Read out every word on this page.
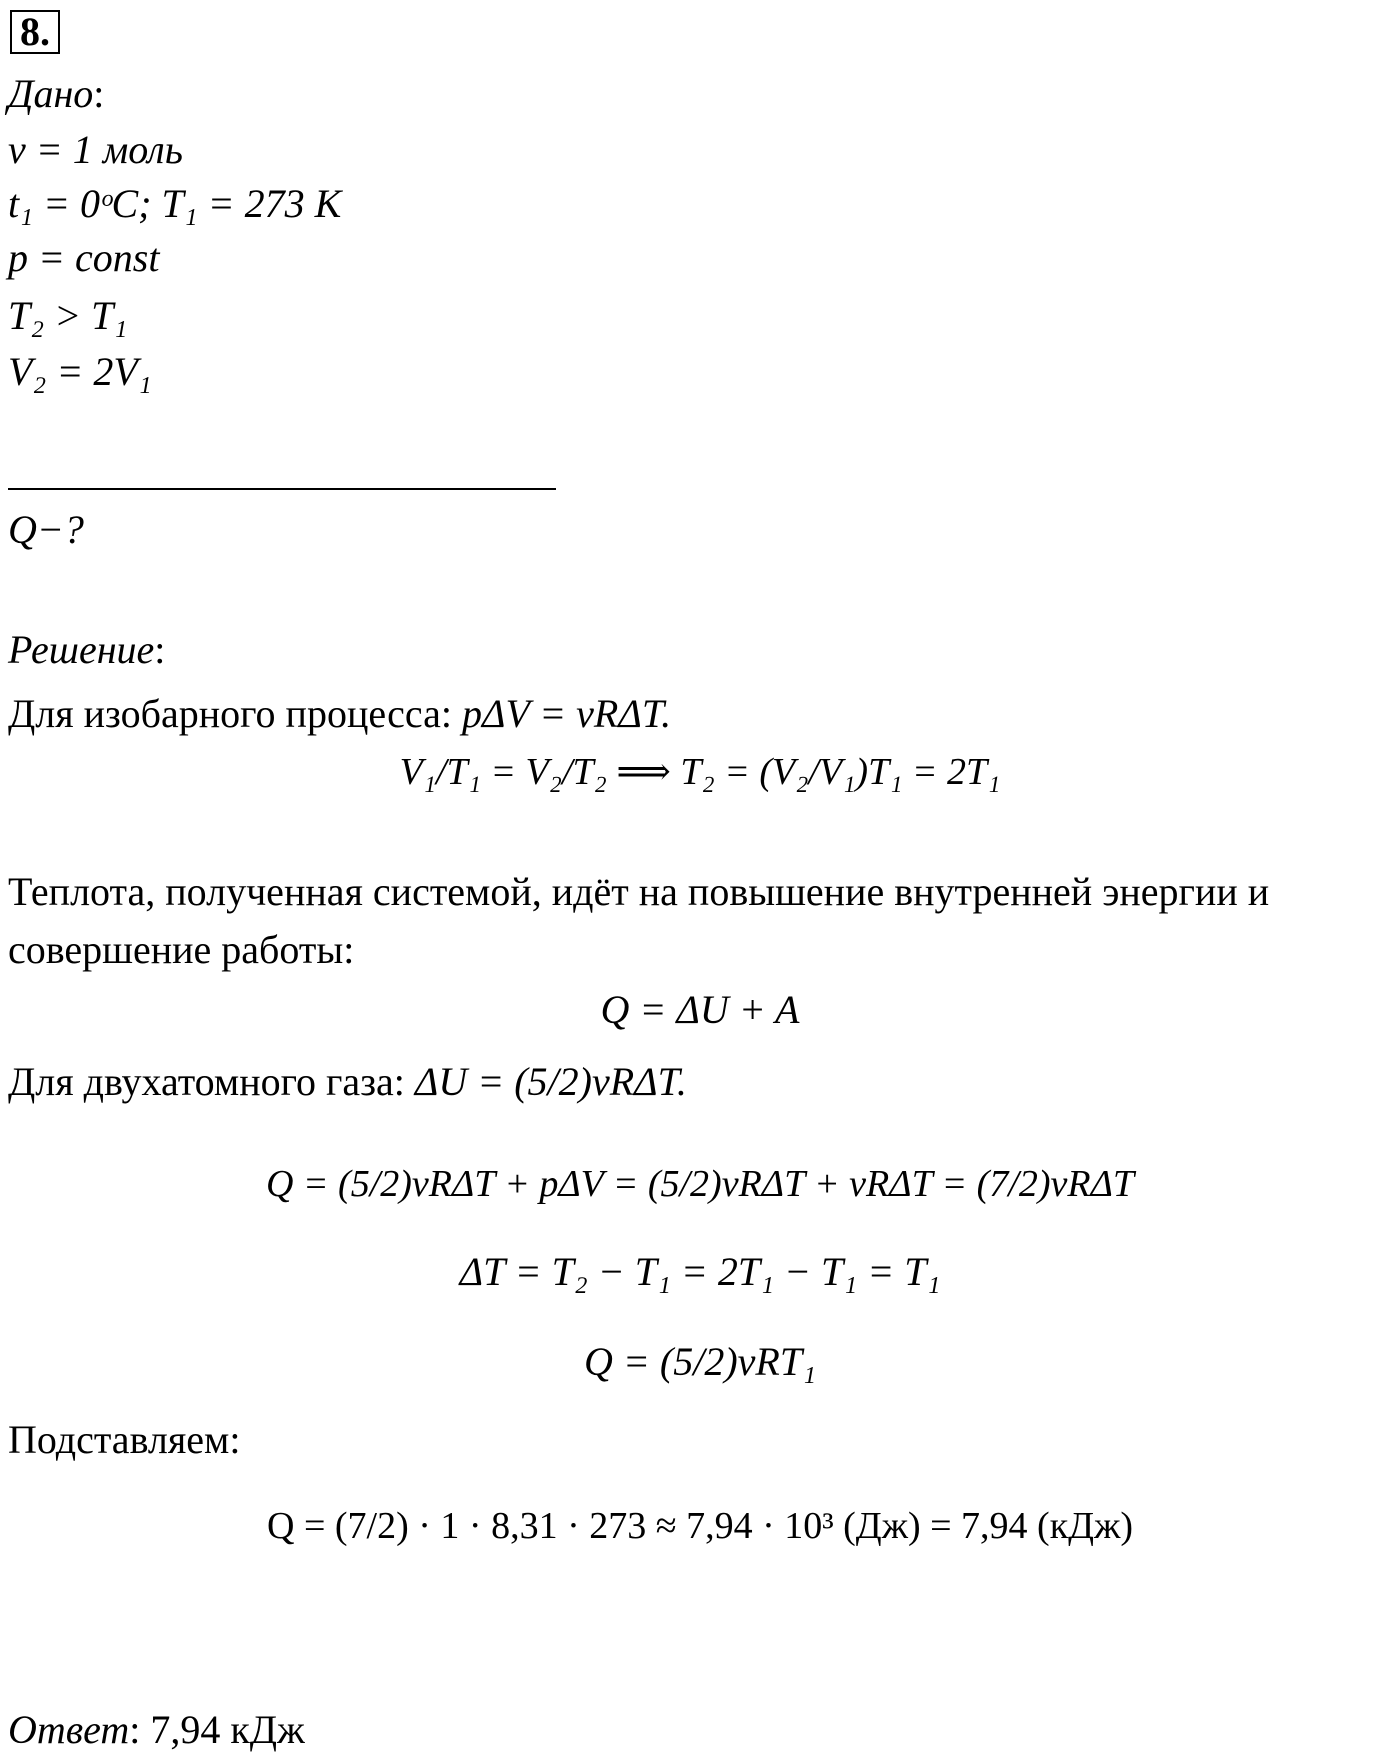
8.
Дано:
ν = 1 моль
t₁ = 0ᵒC; T₁ = 273 K
p = const
T₂ > T₁
V₂ = 2V₁
Q−?
Решение:
Для изобарного процесса: pΔV = νRΔT.
V₁/T₁ = V₂/T₂ ⟹ T₂ = (V₂/V₁)T₁ = 2T₁
Теплота, полученная системой, идёт на повышение внутренней энергии и
совершение работы:
Q = ΔU + A
Для двухатомного газа: ΔU = (5/2)νRΔT.
Q = (5/2)νRΔT + pΔV = (5/2)νRΔT + νRΔT = (7/2)νRΔT
ΔT = T₂ − T₁ = 2T₁ − T₁ = T₁
Q = (5/2)νRT₁
Подставляем:
Q = (7/2) · 1 · 8,31 · 273 ≈ 7,94 · 10³ (Дж) = 7,94 (кДж)
Ответ: 7,94 кДж
